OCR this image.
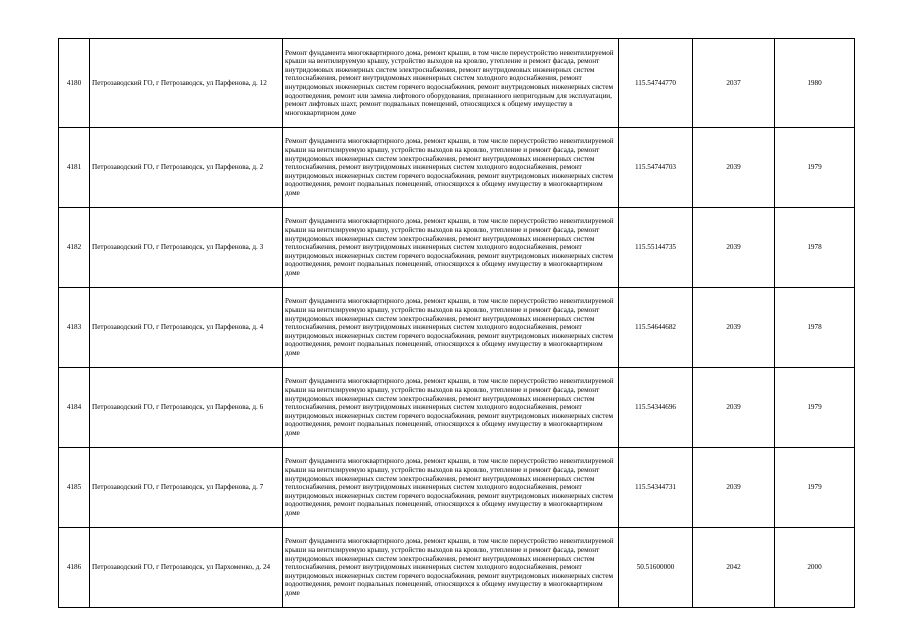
4180	Петрозаводский ГО, г Петрозаводск, ул Парфенова, д. 12	Ремонт фундамента многоквартирного дома, ремонт крыши, в том числе переустройство невентилируемой крыши на вентилируемую крышу, устройство выходов на кровлю, утепление и ремонт фасада, ремонт внутридомовых инженерных систем электроснабжения, ремонт внутридомовых инженерных систем теплоснабжения, ремонт внутридомовых инженерных систем холодного водоснабжения, ремонт внутридомовых инженерных систем горячего водоснабжения, ремонт внутридомовых инженерных систем водоотведения, ремонт или замена лифтового оборудования, признанного непригодным для эксплуатации, ремонт лифтовых шахт, ремонт подвальных помещений, относящихся к общему имуществу в многоквартирном доме	115.54744770	2037	1980
4181	Петрозаводский ГО, г Петрозаводск, ул Парфенова, д. 2	Ремонт фундамента многоквартирного дома, ремонт крыши, в том числе переустройство невентилируемой крыши на вентилируемую крышу, устройство выходов на кровлю, утепление и ремонт фасада, ремонт внутридомовых инженерных систем электроснабжения, ремонт внутридомовых инженерных систем теплоснабжения, ремонт внутридомовых инженерных систем холодного водоснабжения, ремонт внутридомовых инженерных систем горячего водоснабжения, ремонт внутридомовых инженерных систем водоотведения, ремонт подвальных помещений, относящихся к общему имуществу в многоквартирном доме	115.54744703	2039	1979
4182	Петрозаводский ГО, г Петрозаводск, ул Парфенова, д. 3	Ремонт фундамента многоквартирного дома, ремонт крыши, в том числе переустройство невентилируемой крыши на вентилируемую крышу, устройство выходов на кровлю, утепление и ремонт фасада, ремонт внутридомовых инженерных систем электроснабжения, ремонт внутридомовых инженерных систем теплоснабжения, ремонт внутридомовых инженерных систем холодного водоснабжения, ремонт внутридомовых инженерных систем горячего водоснабжения, ремонт внутридомовых инженерных систем водоотведения, ремонт подвальных помещений, относящихся к общему имуществу в многоквартирном доме	115.55144735	2039	1978
4183	Петрозаводский ГО, г Петрозаводск, ул Парфенова, д. 4	Ремонт фундамента многоквартирного дома, ремонт крыши, в том числе переустройство невентилируемой крыши на вентилируемую крышу, устройство выходов на кровлю, утепление и ремонт фасада, ремонт внутридомовых инженерных систем электроснабжения, ремонт внутридомовых инженерных систем теплоснабжения, ремонт внутридомовых инженерных систем холодного водоснабжения, ремонт внутридомовых инженерных систем горячего водоснабжения, ремонт внутридомовых инженерных систем водоотведения, ремонт подвальных помещений, относящихся к общему имуществу в многоквартирном доме	115.54644682	2039	1978
4184	Петрозаводский ГО, г Петрозаводск, ул Парфенова, д. 6	Ремонт фундамента многоквартирного дома, ремонт крыши, в том числе переустройство невентилируемой крыши на вентилируемую крышу, устройство выходов на кровлю, утепление и ремонт фасада, ремонт внутридомовых инженерных систем электроснабжения, ремонт внутридомовых инженерных систем теплоснабжения, ремонт внутридомовых инженерных систем холодного водоснабжения, ремонт внутридомовых инженерных систем горячего водоснабжения, ремонт внутридомовых инженерных систем водоотведения, ремонт подвальных помещений, относящихся к общему имуществу в многоквартирном доме	115.54344696	2039	1979
4185	Петрозаводский ГО, г Петрозаводск, ул Парфенова, д. 7	Ремонт фундамента многоквартирного дома, ремонт крыши, в том числе переустройство невентилируемой крыши на вентилируемую крышу, устройство выходов на кровлю, утепление и ремонт фасада, ремонт внутридомовых инженерных систем электроснабжения, ремонт внутридомовых инженерных систем теплоснабжения, ремонт внутридомовых инженерных систем холодного водоснабжения, ремонт внутридомовых инженерных систем горячего водоснабжения, ремонт внутридомовых инженерных систем водоотведения, ремонт подвальных помещений, относящихся к общему имуществу в многоквартирном доме	115.54344731	2039	1979
4186	Петрозаводский ГО, г Петрозаводск, ул Пархоменко, д. 24	Ремонт фундамента многоквартирного дома, ремонт крыши, в том числе переустройство невентилируемой крыши на вентилируемую крышу, устройство выходов на кровлю, утепление и ремонт фасада, ремонт внутридомовых инженерных систем электроснабжения, ремонт внутридомовых инженерных систем теплоснабжения, ремонт внутридомовых инженерных систем холодного водоснабжения, ремонт внутридомовых инженерных систем горячего водоснабжения, ремонт внутридомовых инженерных систем водоотведения, ремонт подвальных помещений, относящихся к общему имуществу в многоквартирном доме	50.51600000	2042	2000
